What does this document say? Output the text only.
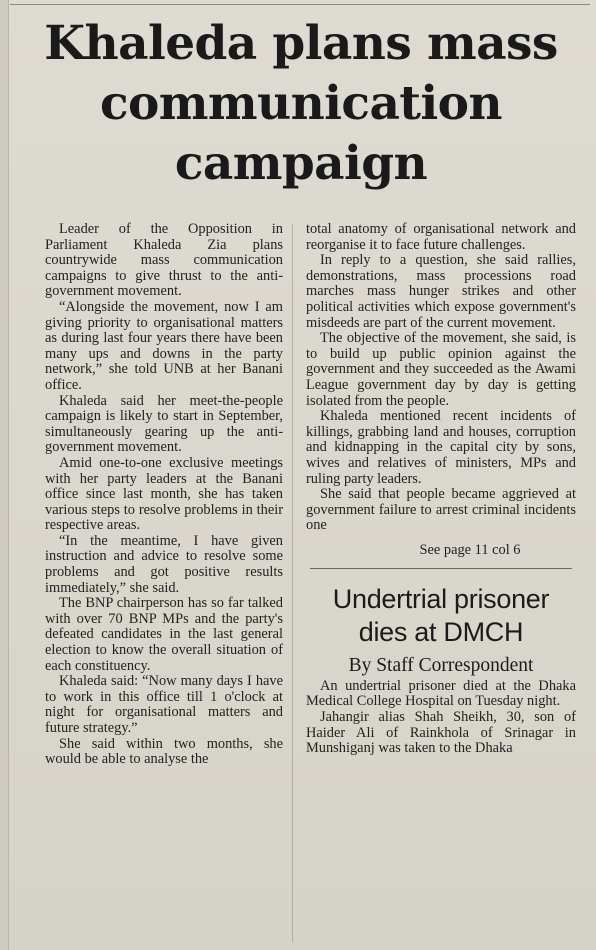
Khaleda plans mass communication campaign

Leader of the Opposition in Parliament Khaleda Zia plans countrywide mass communication campaigns to give thrust to the anti-government movement.

“Alongside the movement, now I am giving priority to organisational matters as during last four years there have been many ups and downs in the party network,” she told UNB at her Banani office.

Khaleda said her meet-the-people campaign is likely to start in September, simultaneously gearing up the anti-government movement.

Amid one-to-one exclusive meetings with her party leaders at the Banani office since last month, she has taken various steps to resolve problems in their respective areas.

“In the meantime, I have given instruction and advice to resolve some problems and got positive results immediately,” she said.

The BNP chairperson has so far talked with over 70 BNP MPs and the party's defeated candidates in the last general election to know the overall situation of each constituency.

Khaleda said: “Now many days I have to work in this office till 1 o'clock at night for organisational matters and future strategy.”

She said within two months, she would be able to analyse the

total anatomy of organisational network and reorganise it to face future challenges.

In reply to a question, she said rallies, demonstrations, mass processions road marches mass hunger strikes and other political activities which expose government's misdeeds are part of the current movement.

The objective of the movement, she said, is to build up public opinion against the government and they succeeded as the Awami League government day by day is getting isolated from the people.

Khaleda mentioned recent incidents of killings, grabbing land and houses, corruption and kidnapping in the capital city by sons, wives and relatives of ministers, MPs and ruling party leaders.

She said that people became aggrieved at government failure to arrest criminal incidents one

See page 11 col 6
Undertrial prisoner dies at DMCH
By Staff Correspondent

An undertrial prisoner died at the Dhaka Medical College Hospital on Tuesday night.

Jahangir alias Shah Sheikh, 30, son of Haider Ali of Rainkhola of Srinagar in Munshiganj was taken to the Dhaka
